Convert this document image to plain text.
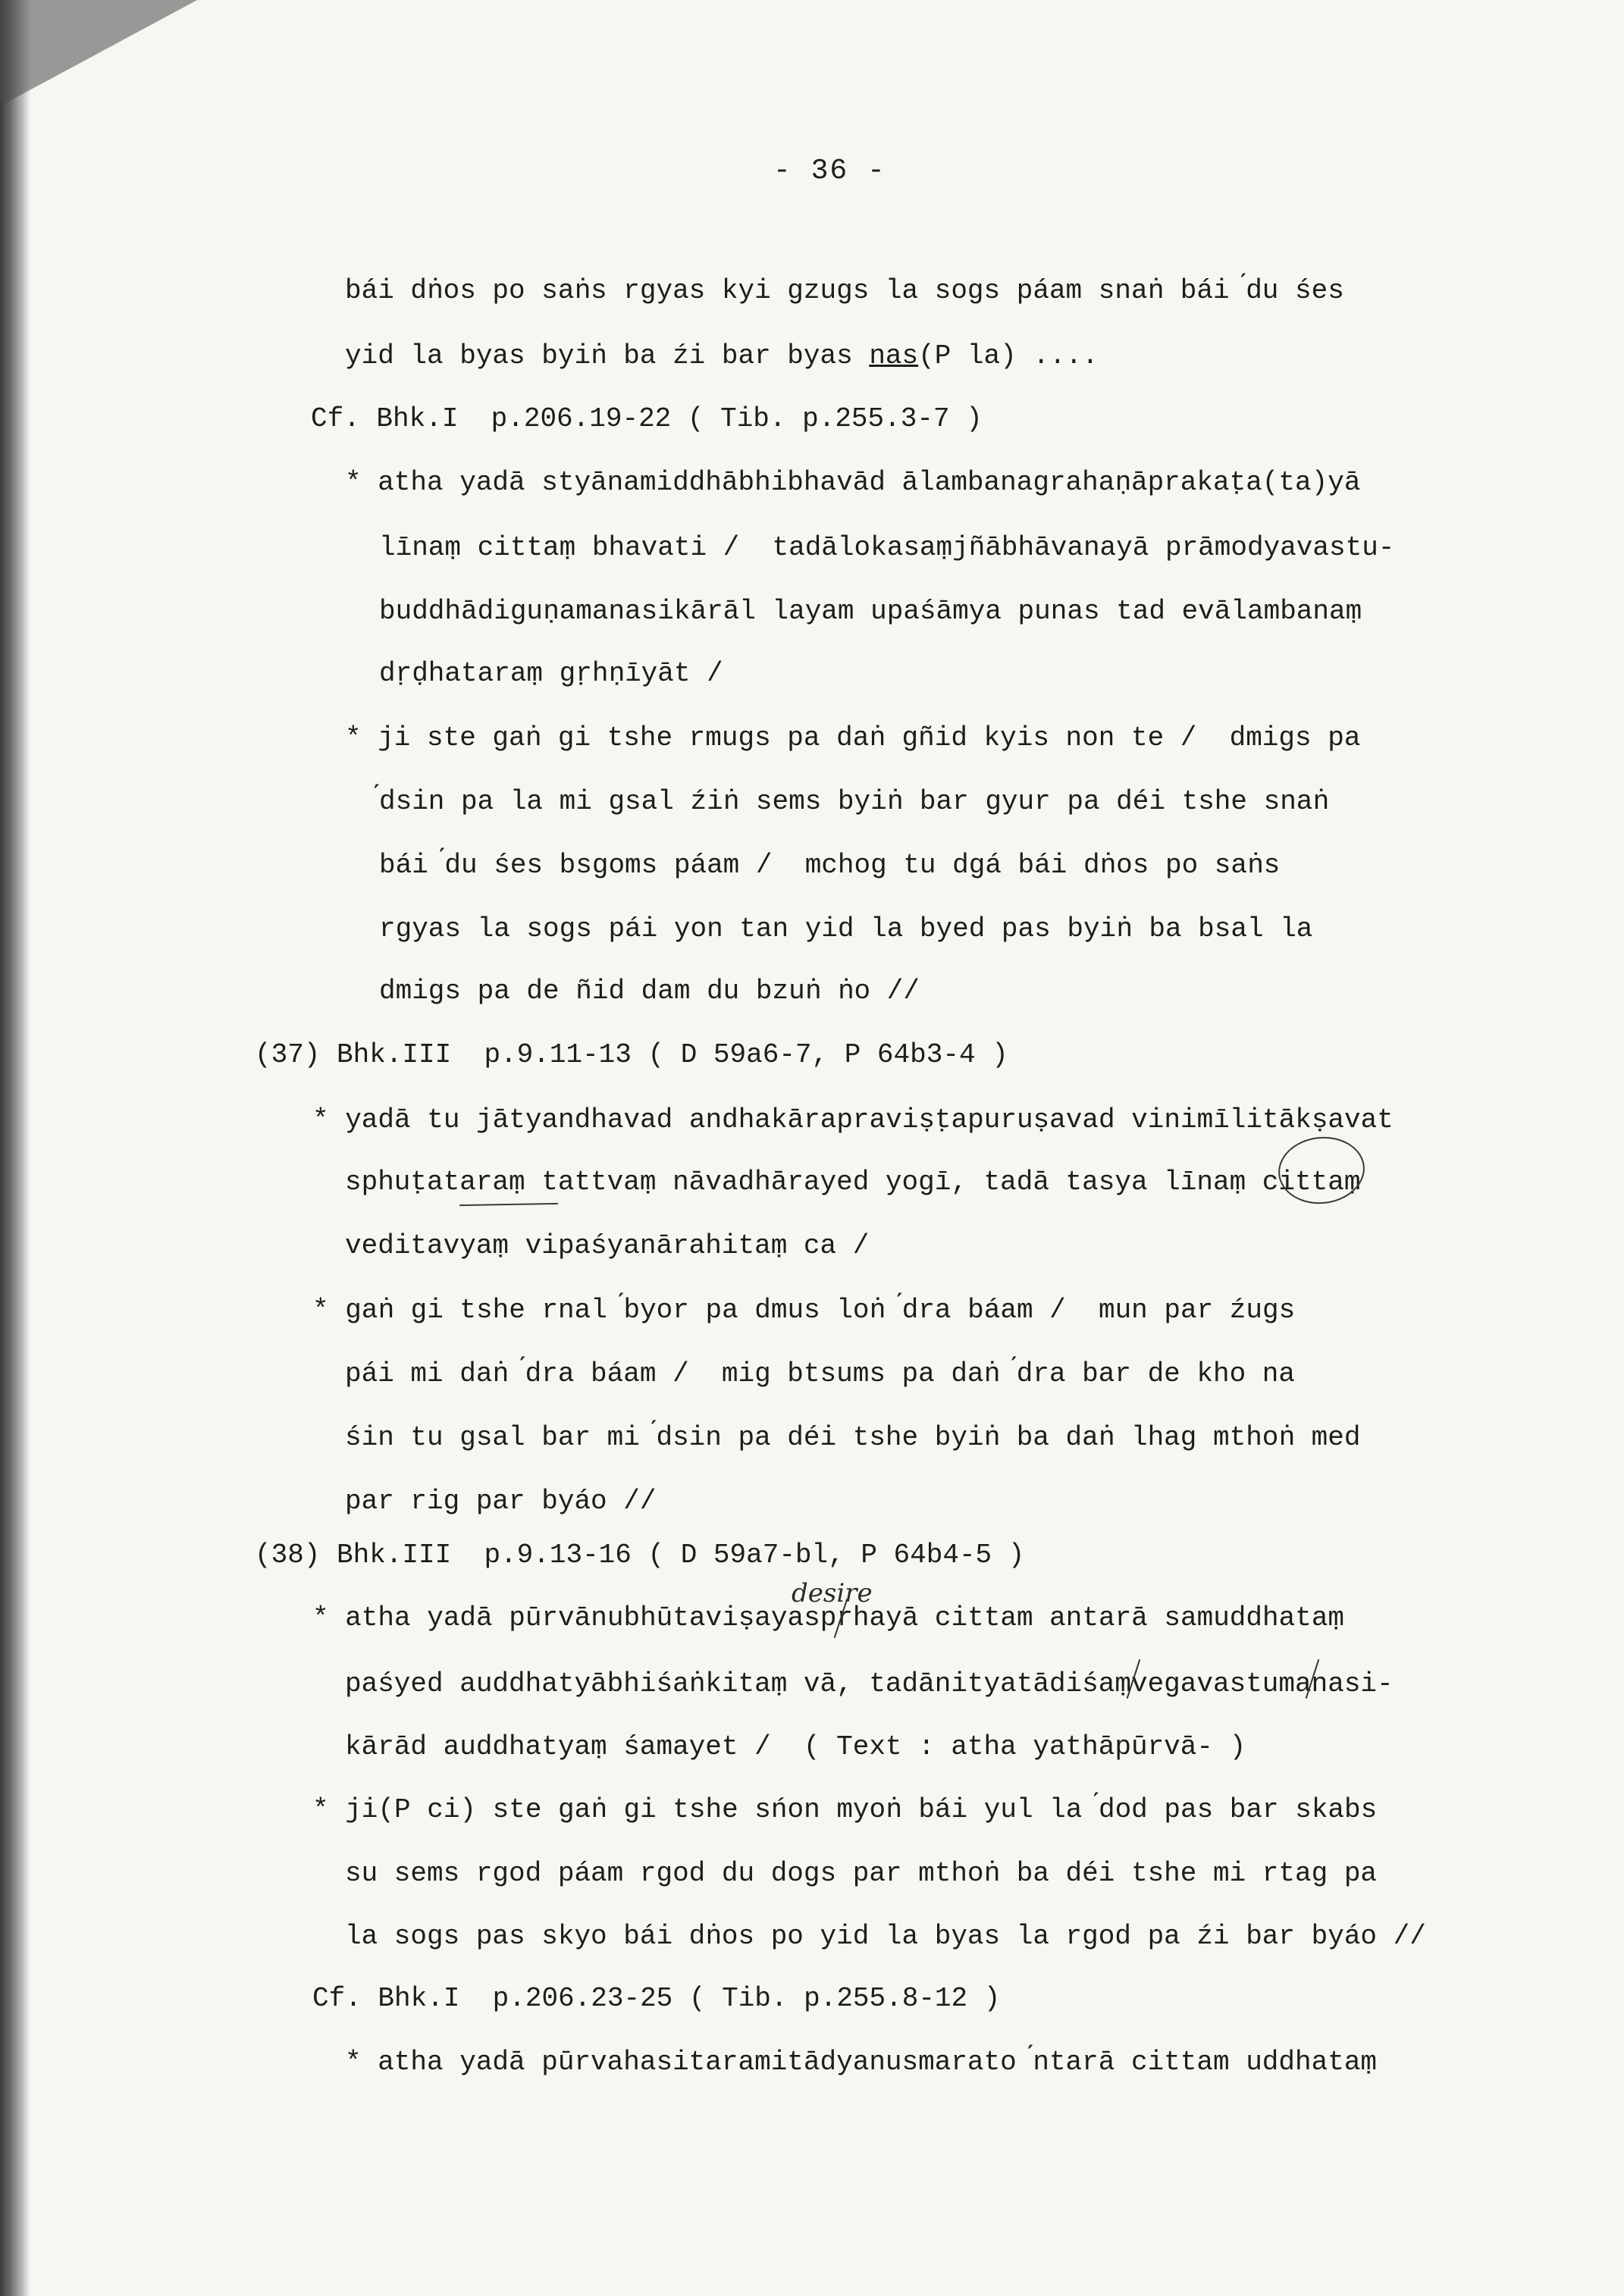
- 36 -
bái dṅos po saṅs rgyas kyi gzugs la sogs páam snaṅ bái ́du śes
yid la byas byiṅ ba źi bar byas nas(P la) ....
Cf. Bhk.I  p.206.19-22 ( Tib. p.255.3-7 )
* atha yadā styānamiddhābhibhavād ālambanagrahaṇāprakaṭa(ta)yā
līnaṃ cittaṃ bhavati /  tadālokasaṃjñābhāvanayā prāmodyavastu-
buddhādiguṇamanasikārāl layam upaśāmya punas tad evālambanaṃ
dṛḍhataraṃ gṛhṇīyāt /
* ji ste gaṅ gi tshe rmugs pa daṅ gñid kyis non te /  dmigs pa
́dsin pa la mi gsal źiṅ sems byiṅ bar gyur pa déi tshe snaṅ
bái ́du śes bsgoms páam /  mchog tu dgá bái dṅos po saṅs
rgyas la sogs pái yon tan yid la byed pas byiṅ ba bsal la
dmigs pa de ñid dam du bzuṅ ṅo //
(37) Bhk.III  p.9.11-13 ( D 59a6-7, P 64b3-4 )
* yadā tu jātyandhavad andhakārapraviṣṭapuruṣavad vinimīlitākṣavat
sphuṭataraṃ tattvaṃ nāvadhārayed yogī, tadā tasya līnaṃ cittaṃ
veditavyaṃ vipaśyanārahitaṃ ca /
* gaṅ gi tshe rnal ́byor pa dmus loṅ ́dra báam /  mun par źugs
pái mi daṅ ́dra báam /  mig btsums pa daṅ ́dra bar de kho na
śin tu gsal bar mi ́dsin pa déi tshe byiṅ ba daṅ lhag mthoṅ med
par rig par byáo //
(38) Bhk.III  p.9.13-16 ( D 59a7-bl, P 64b4-5 )
* atha yadā pūrvānubhūtaviṣayasprhayā cittam antarā samuddhataṃ
paśyed auddhatyābhiśaṅkitaṃ vā, tadānityatādiśaṃvegavastumanasi-
kārād auddhatyaṃ śamayet /  ( Text : atha yathāpūrvā- )
* ji(P ci) ste gaṅ gi tshe sńon myoṅ bái yul la ́dod pas bar skabs
su sems rgod páam rgod du dogs par mthoṅ ba déi tshe mi rtag pa
la sogs pas skyo bái dṅos po yid la byas la rgod pa źi bar byáo //
Cf. Bhk.I  p.206.23-25 ( Tib. p.255.8-12 )
* atha yadā pūrvahasitaramitādyanusmarato ́ntarā cittam uddhataṃ
desire
